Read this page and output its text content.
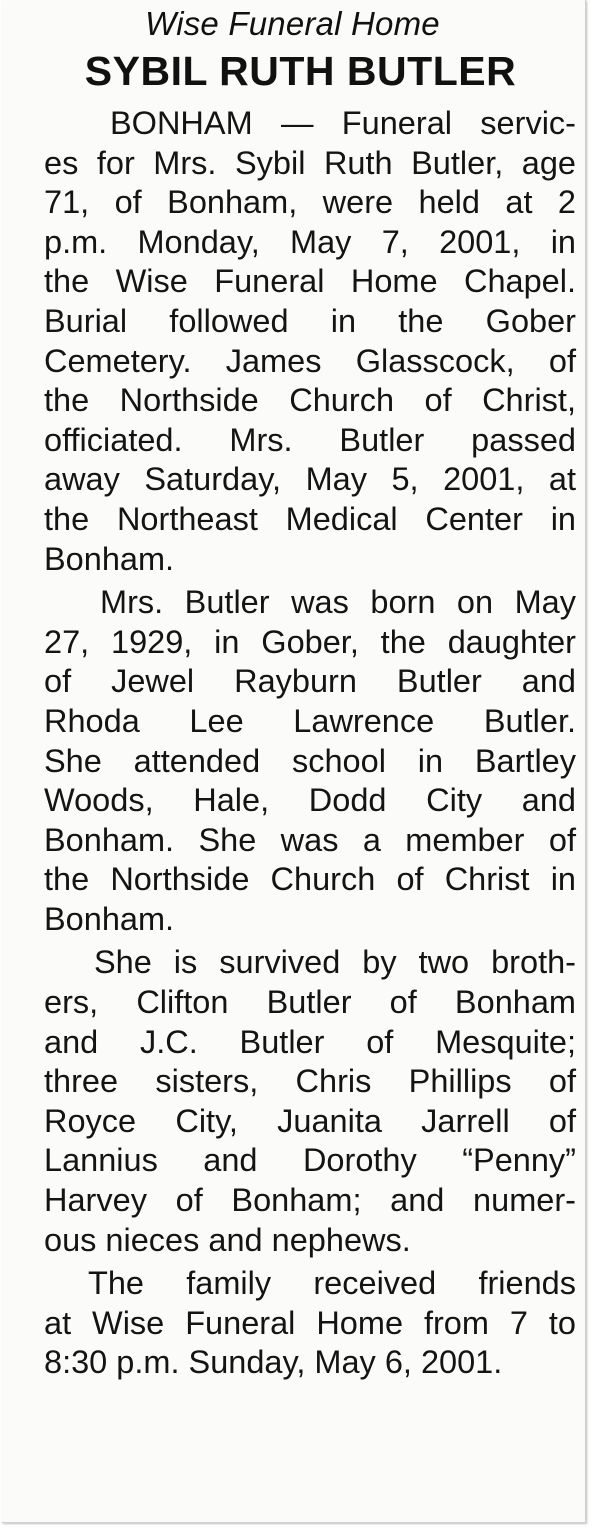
Wise Funeral Home
SYBIL RUTH BUTLER

BONHAM — Funeral servic-
es for Mrs. Sybil Ruth Butler, age
71, of Bonham, were held at 2
p.m. Monday, May 7, 2001, in
the Wise Funeral Home Chapel.
Burial followed in the Gober
Cemetery. James Glasscock, of
the Northside Church of Christ,
officiated. Mrs. Butler passed
away Saturday, May 5, 2001, at
the Northeast Medical Center in
Bonham.

Mrs. Butler was born on May
27, 1929, in Gober, the daughter
of Jewel Rayburn Butler and
Rhoda Lee Lawrence Butler.
She attended school in Bartley
Woods, Hale, Dodd City and
Bonham. She was a member of
the Northside Church of Christ in
Bonham.

She is survived by two broth-
ers, Clifton Butler of Bonham
and J.C. Butler of Mesquite;
three sisters, Chris Phillips of
Royce City, Juanita Jarrell of
Lannius and Dorothy “Penny”
Harvey of Bonham; and numer-
ous nieces and nephews.

The family received friends
at Wise Funeral Home from 7 to
8:30 p.m. Sunday, May 6, 2001.
